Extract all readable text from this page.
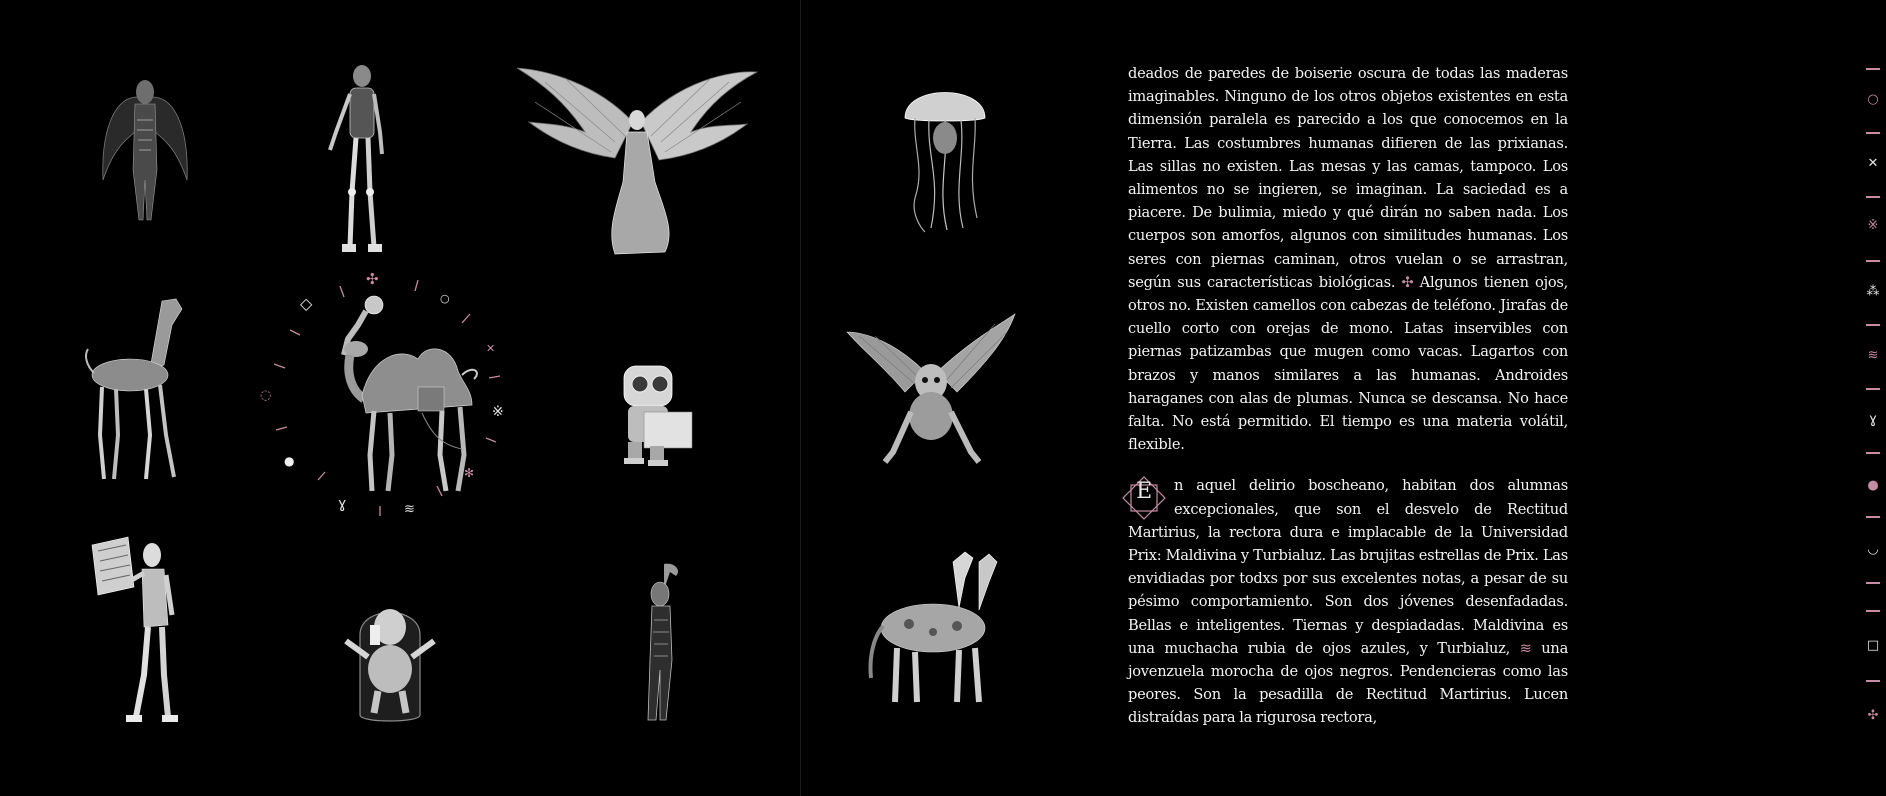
✣
○
✕
※
✻
≋
ɣ
●
◌
◇
○
✕
※
⁂
≋
ɣ
●
◡
□
✣

deados de paredes de boiserie oscura de todas las maderas imaginables. Ninguno de los otros objetos existentes en esta dimensión paralela es parecido a los que conocemos en la Tierra. Las costumbres humanas difieren de las prixianas. Las sillas no existen. Las mesas y las camas, tampoco. Los alimentos no se ingieren, se imaginan. La saciedad es a piacere. De bulimia, miedo y qué dirán no saben nada. Los cuerpos son amorfos, algunos con similitudes humanas. Los seres con piernas caminan, otros vuelan o se arrastran, según sus características biológicas. ✣ Algunos tienen ojos, otros no. Existen camellos con cabezas de teléfono. Jirafas de cuello corto con orejas de mono. Latas inservibles con piernas patizambas que mugen como vacas. Lagartos con brazos y manos similares a las humanas. Androides haraganes con alas de plumas. Nunca se descansa. No hace falta. No está permitido. El tiempo es una materia volátil, flexible.

E	n aquel delirio boscheano, habitan dos alumnas excepcionales, que son el desvelo de Rectitud Martirius, la rectora dura e implacable de la Universidad Prix: Maldivina y Turbialuz. Las brujitas estrellas de Prix. Las envidiadas por todxs por sus excelentes notas, a pesar de su pésimo comportamiento. Son dos jóvenes desenfadadas. Bellas e inteligentes. Tiernas y despiadadas. Maldivina es una muchacha rubia de ojos azules, y Turbialuz, ≋ una jovenzuela morocha de ojos negros. Pendencieras como las peores. Son la pesadilla de Rectitud Martirius. Lucen distraídas para la rigurosa rectora,
